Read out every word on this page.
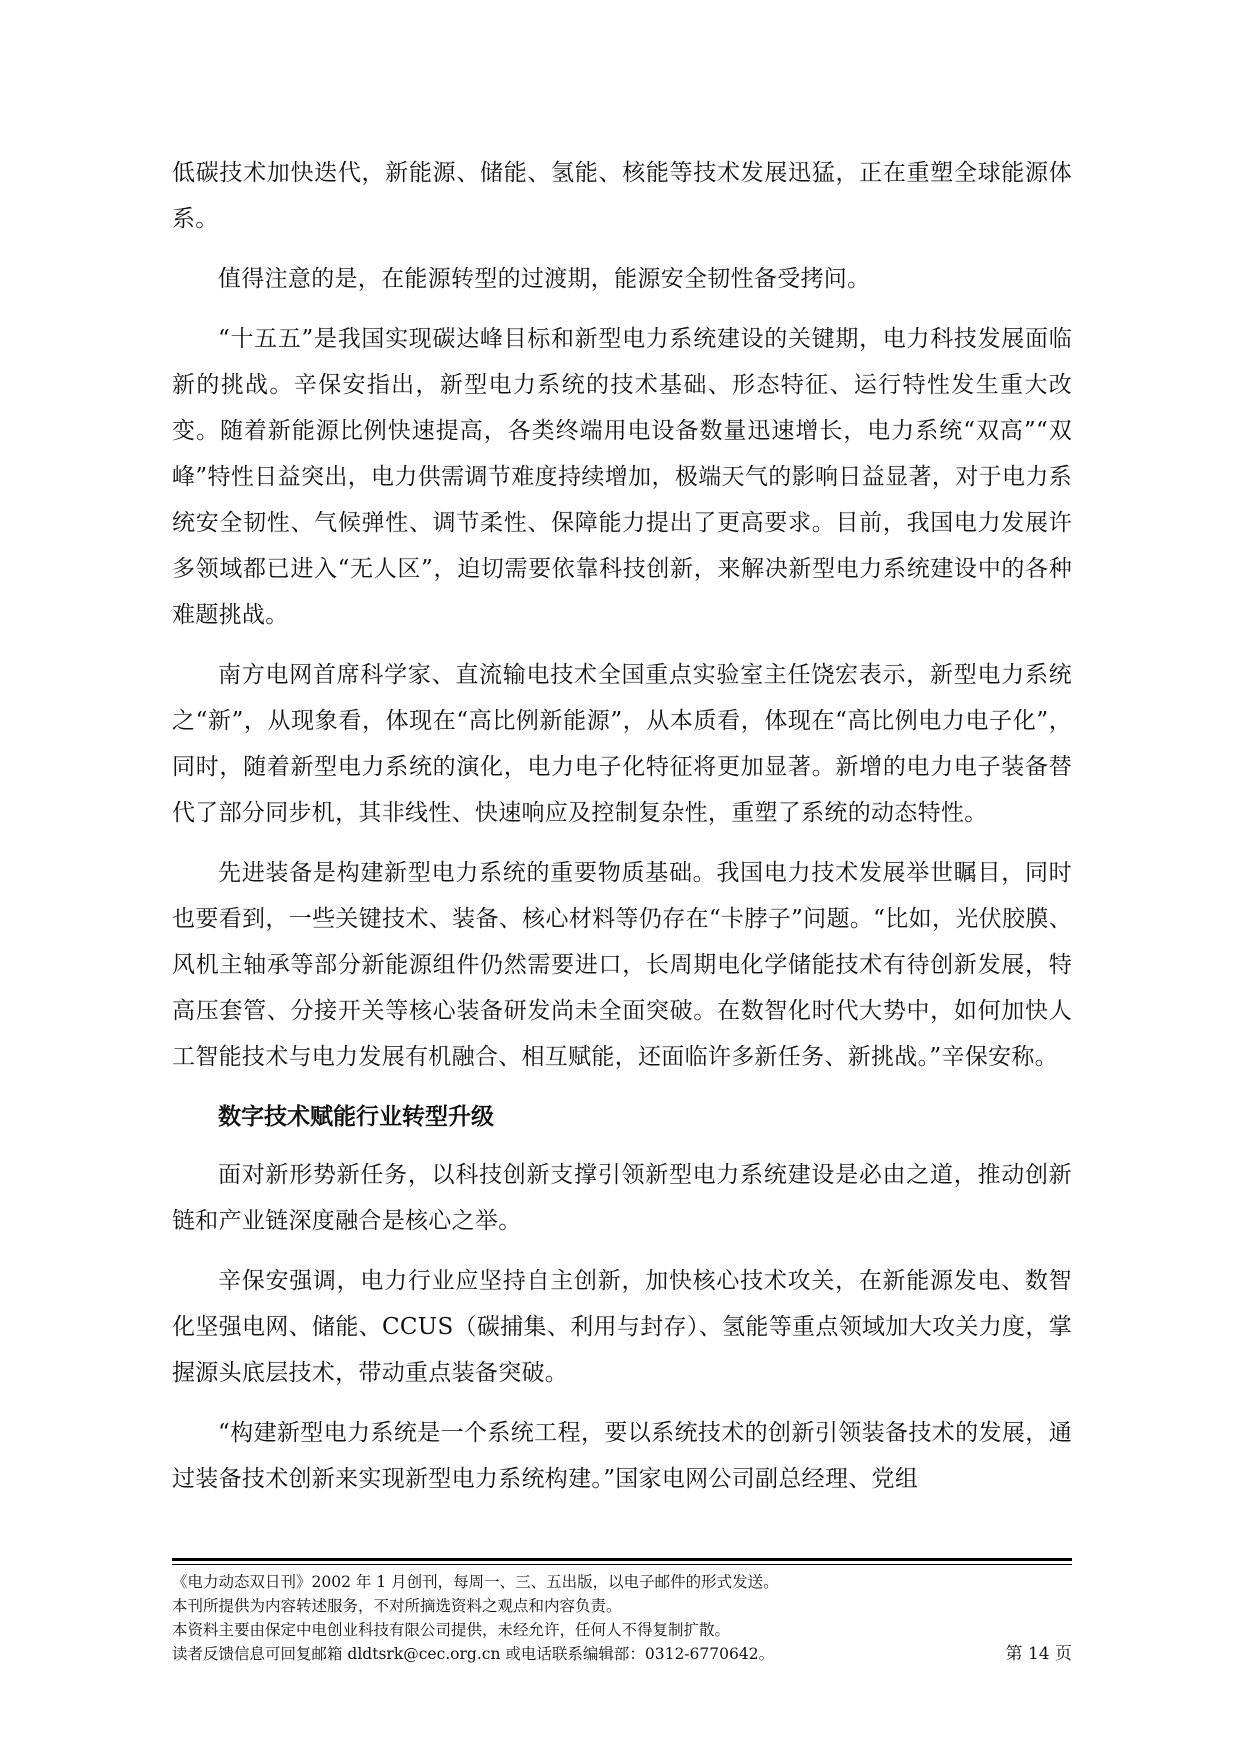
低碳技术加快迭代，新能源、储能、氢能、核能等技术发展迅猛，正在重塑全球能源体系。

值得注意的是，在能源转型的过渡期，能源安全韧性备受拷问。

“十五五”是我国实现碳达峰目标和新型电力系统建设的关键期，电力科技发展面临新的挑战。辛保安指出，新型电力系统的技术基础、形态特征、运行特性发生重大改变。随着新能源比例快速提高，各类终端用电设备数量迅速增长，电力系统“双高”“双峰”特性日益突出，电力供需调节难度持续增加，极端天气的影响日益显著，对于电力系统安全韧性、气候弹性、调节柔性、保障能力提出了更高要求。目前，我国电力发展许多领域都已进入“无人区”，迫切需要依靠科技创新，来解决新型电力系统建设中的各种难题挑战。

南方电网首席科学家、直流输电技术全国重点实验室主任饶宏表示，新型电力系统之“新”，从现象看，体现在“高比例新能源”，从本质看，体现在“高比例电力电子化”，同时，随着新型电力系统的演化，电力电子化特征将更加显著。新增的电力电子装备替代了部分同步机，其非线性、快速响应及控制复杂性，重塑了系统的动态特性。

先进装备是构建新型电力系统的重要物质基础。我国电力技术发展举世瞩目，同时也要看到，一些关键技术、装备、核心材料等仍存在“卡脖子”问题。“比如，光伏胶膜、风机主轴承等部分新能源组件仍然需要进口，长周期电化学储能技术有待创新发展，特高压套管、分接开关等核心装备研发尚未全面突破。在数智化时代大势中，如何加快人工智能技术与电力发展有机融合、相互赋能，还面临许多新任务、新挑战。”辛保安称。

数字技术赋能行业转型升级

面对新形势新任务，以科技创新支撑引领新型电力系统建设是必由之道，推动创新链和产业链深度融合是核心之举。

辛保安强调，电力行业应坚持自主创新，加快核心技术攻关，在新能源发电、数智化坚强电网、储能、CCUS（碳捕集、利用与封存）、氢能等重点领域加大攻关力度，掌握源头底层技术，带动重点装备突破。

“构建新型电力系统是一个系统工程，要以系统技术的创新引领装备技术的发展，通过装备技术创新来实现新型电力系统构建。”国家电网公司副总经理、党组

《电力动态双日刊》2002 年 1 月创刊，每周一、三、五出版，以电子邮件的形式发送。
本刊所提供为内容转述服务，不对所摘选资料之观点和内容负责。
本资料主要由保定中电创业科技有限公司提供，未经允许，任何人不得复制扩散。
读者反馈信息可回复邮箱 dldtsrk@cec.org.cn 或电话联系编辑部：0312-6770642。	第 14 页
